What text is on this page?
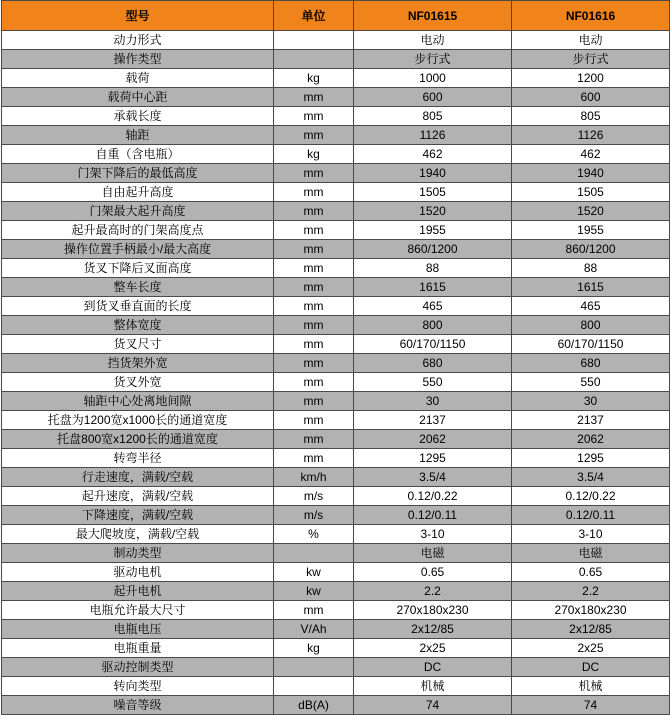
型号	单位	NF01615	NF01616
动力形式		电动	电动
操作类型		步行式	步行式
载荷	kg	1000	1200
载荷中心距	mm	600	600
承载长度	mm	805	805
轴距	mm	1126	1126
自重（含电瓶）	kg	462	462
门架下降后的最低高度	mm	1940	1940
自由起升高度	mm	1505	1505
门架最大起升高度	mm	1520	1520
起升最高时的门架高度点	mm	1955	1955
操作位置手柄最小/最大高度	mm	860/1200	860/1200
货叉下降后叉面高度	mm	88	88
整车长度	mm	1615	1615
到货叉垂直面的长度	mm	465	465
整体宽度	mm	800	800
货叉尺寸	mm	60/170/1150	60/170/1150
挡货架外宽	mm	680	680
货叉外宽	mm	550	550
轴距中心处离地间隙	mm	30	30
托盘为1200宽x1000长的通道宽度	mm	2137	2137
托盘800宽x1200长的通道宽度	mm	2062	2062
转弯半径	mm	1295	1295
行走速度，满载/空载	km/h	3.5/4	3.5/4
起升速度，满载/空载	m/s	0.12/0.22	0.12/0.22
下降速度，满载/空载	m/s	0.12/0.11	0.12/0.11
最大爬坡度，满载/空载	%	3-10	3-10
制动类型		电磁	电磁
驱动电机	kw	0.65	0.65
起升电机	kw	2.2	2.2
电瓶允许最大尺寸	mm	270x180x230	270x180x230
电瓶电压	V/Ah	2x12/85	2x12/85
电瓶重量	kg	2x25	2x25
驱动控制类型		DC	DC
转向类型		机械	机械
噪音等级	dB(A)	74	74
